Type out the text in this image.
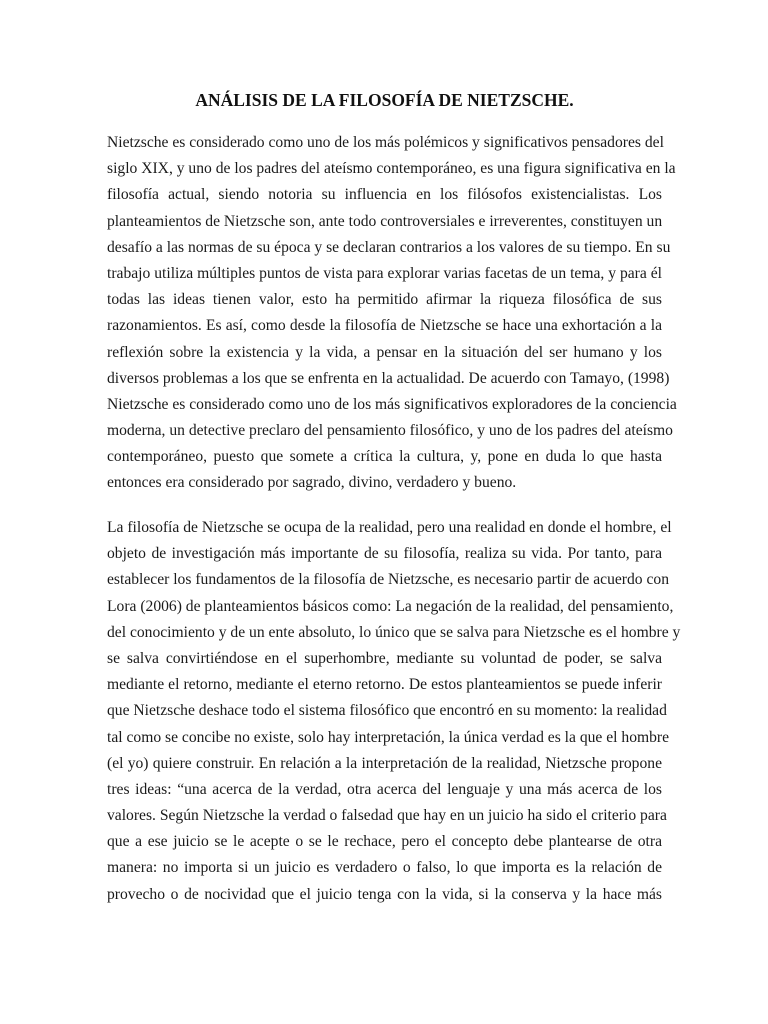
ANÁLISIS DE LA FILOSOFÍA DE NIETZSCHE.
Nietzsche es considerado como uno de los más polémicos y significativos pensadores del
siglo XIX, y uno de los padres del ateísmo contemporáneo, es una figura significativa en la
filosofía actual, siendo notoria su influencia en los filósofos existencialistas. Los
planteamientos de Nietzsche son, ante todo controversiales e irreverentes, constituyen un
desafío a las normas de su época y se declaran contrarios a los valores de su tiempo. En su
trabajo utiliza múltiples puntos de vista para explorar varias facetas de un tema, y para él
todas las ideas tienen valor, esto ha permitido afirmar la riqueza filosófica de sus
razonamientos. Es así, como desde la filosofía de Nietzsche se hace una exhortación a la
reflexión sobre la existencia y la vida, a pensar en la situación del ser humano y los
diversos problemas a los que se enfrenta en la actualidad. De acuerdo con Tamayo, (1998)
Nietzsche es considerado como uno de los más significativos exploradores de la conciencia
moderna, un detective preclaro del pensamiento filosófico, y uno de los padres del ateísmo
contemporáneo, puesto que somete a crítica la cultura, y, pone en duda lo que hasta
entonces era considerado por sagrado, divino, verdadero y bueno.
La filosofía de Nietzsche se ocupa de la realidad, pero una realidad en donde el hombre, el
objeto de investigación más importante de su filosofía, realiza su vida. Por tanto, para
establecer los fundamentos de la filosofía de Nietzsche, es necesario partir de acuerdo con
Lora (2006) de planteamientos básicos como: La negación de la realidad, del pensamiento,
del conocimiento y de un ente absoluto, lo único que se salva para Nietzsche es el hombre y
se salva convirtiéndose en el superhombre, mediante su voluntad de poder, se salva
mediante el retorno, mediante el eterno retorno. De estos planteamientos se puede inferir
que Nietzsche deshace todo el sistema filosófico que encontró en su momento: la realidad
tal como se concibe no existe, solo hay interpretación, la única verdad es la que el hombre
(el yo) quiere construir. En relación a la interpretación de la realidad, Nietzsche propone
tres ideas: “una acerca de la verdad, otra acerca del lenguaje y una más acerca de los
valores. Según Nietzsche la verdad o falsedad que hay en un juicio ha sido el criterio para
que a ese juicio se le acepte o se le rechace, pero el concepto debe plantearse de otra
manera: no importa si un juicio es verdadero o falso, lo que importa es la relación de
provecho o de nocividad que el juicio tenga con la vida, si la conserva y la hace más
